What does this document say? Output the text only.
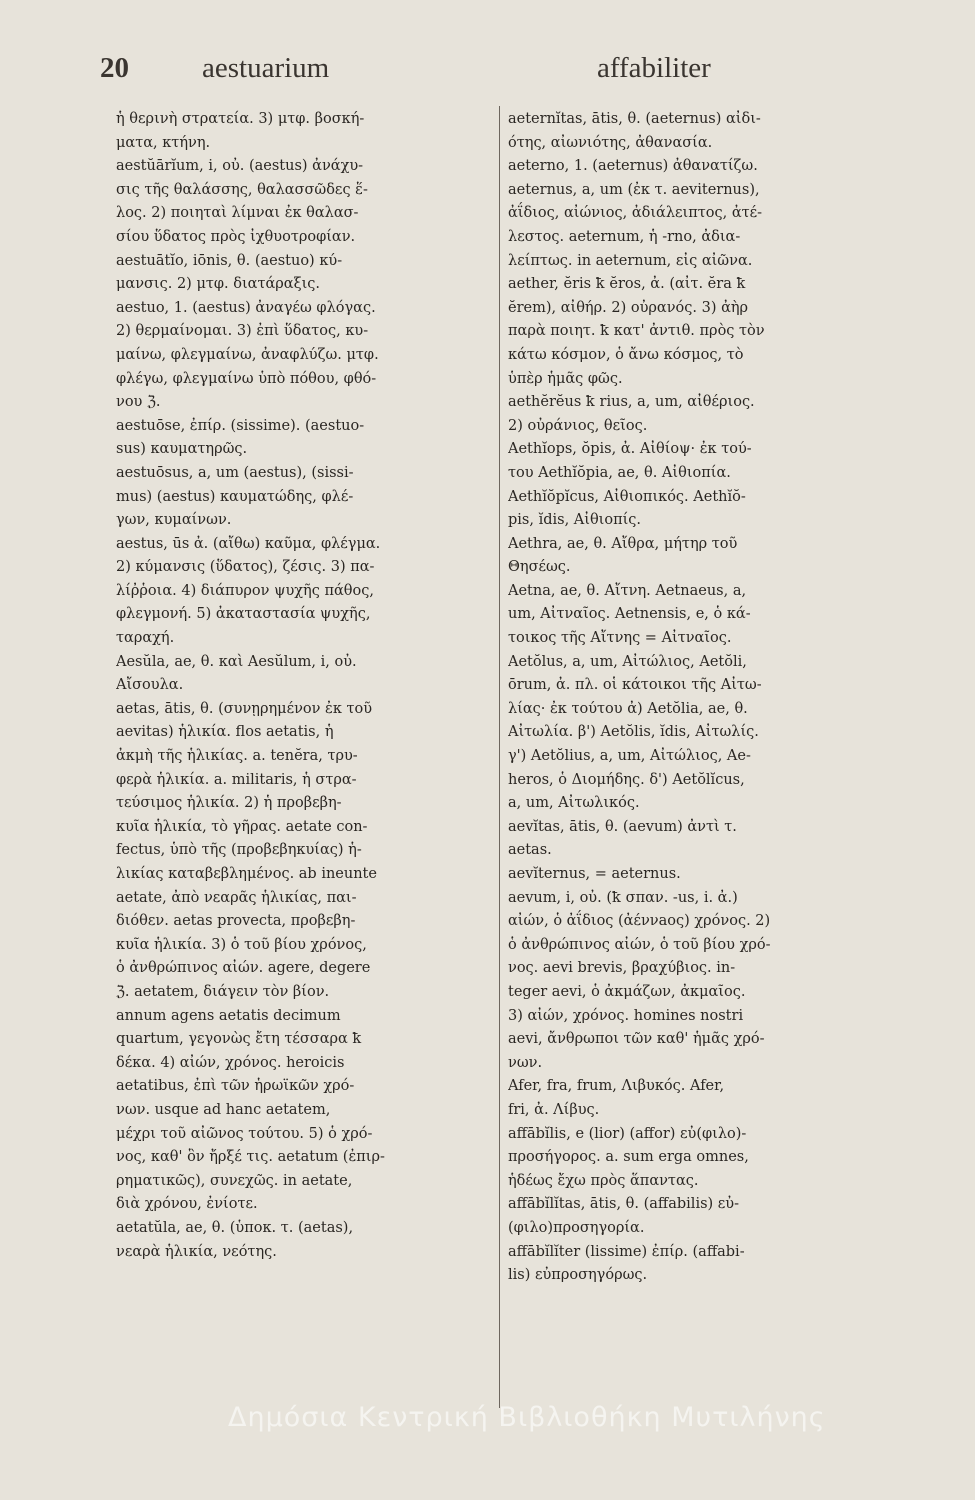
20	aestuarium	affabiliter
ἡ θερινὴ στρατεία. 3) μτφ. βοσκή-
ματα, κτήνη.
aestŭārĭum, i, οὐ. (aestus) ἀνάχυ-
σις τῆς θαλάσσης, θαλασσῶδες ἕ-
λος. 2) ποιηταὶ λίμναι ἐκ θαλασ-
σίου ὕδατος πρὸς ἰχθυοτροφίαν.
aestuātĭo, iōnis, θ. (aestuo) κύ-
μανσις. 2) μτφ. διατάραξις.
aestuo, 1. (aestus) ἀναγέω φλόγας.
2) θερμαίνομαι. 3) ἐπὶ ὕδατος, κυ-
μαίνω, φλεγμαίνω, ἀναφλύζω. μτφ.
φλέγω, φλεγμαίνω ὑπὸ πόθου, φθό-
νου ℨ.
aestuōse, ἐπίρ. (sissime). (aestuo-
sus) καυματηρῶς.
aestuōsus, a, um (aestus), (sissi-
mus) (aestus) καυματώδης, φλέ-
γων, κυμαίνων.
aestus, ūs ἀ. (αἴθω) καῦμα, φλέγμα.
2) κύμανσις (ὕδατος), ζέσις. 3) πα-
λίῤῥοια. 4) διάπυρον ψυχῆς πάθος,
φλεγμονή. 5) ἀκαταστασία ψυχῆς,
ταραχή.
Aesŭla, ae, θ. καὶ Aesŭlum, i, οὐ.
Αἴσουλα.
aetas, ātis, θ. (συνῃρημένον ἐκ τοῦ
aevitas) ἡλικία. flos aetatis, ἡ
ἀκμὴ τῆς ἡλικίας. a. tenĕra, τρυ-
φερὰ ἡλικία. a. militaris, ἡ στρα-
τεύσιμος ἡλικία. 2) ἡ προβεβη-
κυῖα ἡλικία, τὸ γῆρας. aetate con-
fectus, ὑπὸ τῆς (προβεβηκυίας) ἡ-
λικίας καταβεβλημένος. ab ineunte
aetate, ἀπὸ νεαρᾶς ἡλικίας, παι-
διόθεν. aetas provecta, προβεβη-
κυῖα ἡλικία. 3) ὁ τοῦ βίου χρόνος,
ὁ ἀνθρώπινος αἰών. agere, degere
ℨ. aetatem, διάγειν τὸν βίον.
annum agens aetatis decimum
quartum, γεγονὼς ἔτη τέσσαρα ꝁ
δέκα. 4) αἰών, χρόνος. heroicis
aetatibus, ἐπὶ τῶν ἡρωϊκῶν χρό-
νων. usque ad hanc aetatem,
μέχρι τοῦ αἰῶνος τούτου. 5) ὁ χρό-
νος, καθ' ὃν ἤρξέ τις. aetatum (ἐπιρ-
ρηματικῶς), συνεχῶς. in aetate,
διὰ χρόνου, ἐνίοτε.
aetatŭla, ae, θ. (ὑποκ. τ. (aetas),
νεαρὰ ἡλικία, νεότης.
aeternĭtas, ātis, θ. (aeternus) αἰδι-
ότης, αἰωνιότης, ἀθανασία.
aeterno, 1. (aeternus) ἀθανατίζω.
aeternus, a, um (ἐκ τ. aeviternus),
ἀΐδιος, αἰώνιος, ἀδιάλειπτος, ἀτέ-
λεστος. aeternum, ἡ -rno, ἀδια-
λείπτως. in aeternum, εἰς αἰῶνα.
aether, ĕris ꝁ ĕros, ἀ. (αἰτ. ĕra ꝁ
ĕrem), αἰθήρ. 2) οὐρανός. 3) ἀὴρ
παρὰ ποιητ. ꝁ κατ' ἀντιθ. πρὸς τὸν
κάτω κόσμον, ὁ ἄνω κόσμος, τὸ
ὑπὲρ ἡμᾶς φῶς.
aethĕrĕus ꝁ rius, a, um, αἰθέριος.
2) οὐράνιος, θεῖος.
Aethĭops, ŏpis, ἀ. Αἰθίοψ· ἐκ τού-
του Aethĭŏpia, ae, θ. Αἰθιοπία.
Aethĭŏpĭcus, Αἰθιοπικός. Aethĭŏ-
pis, ĭdis, Αἰθιοπίς.
Aethra, ae, θ. Αἴθρα, μήτηρ τοῦ
Θησέως.
Aetna, ae, θ. Αἴτνη. Aetnaeus, a,
um, Αἰτναῖος. Aetnensis, e, ὁ κά-
τοικος τῆς Αἴτνης = Αἰτναῖος.
Aetŏlus, a, um, Αἰτώλιος, Aetŏli,
ōrum, ἀ. πλ. οἱ κάτοικοι τῆς Αἰτω-
λίας· ἐκ τούτου ἀ) Aetŏlia, ae, θ.
Αἰτωλία. β') Aetŏlis, ĭdis, Αἰτωλίς.
γ') Aetŏlius, a, um, Αἰτώλιος, Ae-
heros, ὁ Διομήδης. δ') Aetŏlĭcus,
a, um, Αἰτωλικός.
aevĭtas, ātis, θ. (aevum) ἀντὶ τ.
aetas.
aevĭternus, = aeternus.
aevum, i, οὐ. (ꝁ σπαν. -us, i. ἀ.)
αἰών, ὁ ἀΐδιος (ἀέννaος) χρόνος. 2)
ὁ ἀνθρώπινος αἰών, ὁ τοῦ βίου χρό-
νος. aevi brevis, βραχύβιος. in-
teger aevi, ὁ ἀκμάζων, ἀκμαῖος.
3) αἰών, χρόνος. homines nostri
aevi, ἄνθρωποι τῶν καθ' ἡμᾶς χρό-
νων.
Afer, fra, frum, Λιβυκός. Afer,
fri, ἀ. Λίβυς.
affābĭlis, e (lior) (affor) εὐ(φιλο)-
προσήγορος. a. sum erga omnes,
ἡδέως ἔχω πρὸς ἅπαντας.
affābĭlĭtas, ātis, θ. (affabilis) εὐ-
(φιλο)προσηγορία.
affābĭlĭter (lissime) ἐπίρ. (affabi-
lis) εὐπροσηγόρως.
Δημόσια Κεντρική Βιβλιοθήκη Μυτιλήνης
